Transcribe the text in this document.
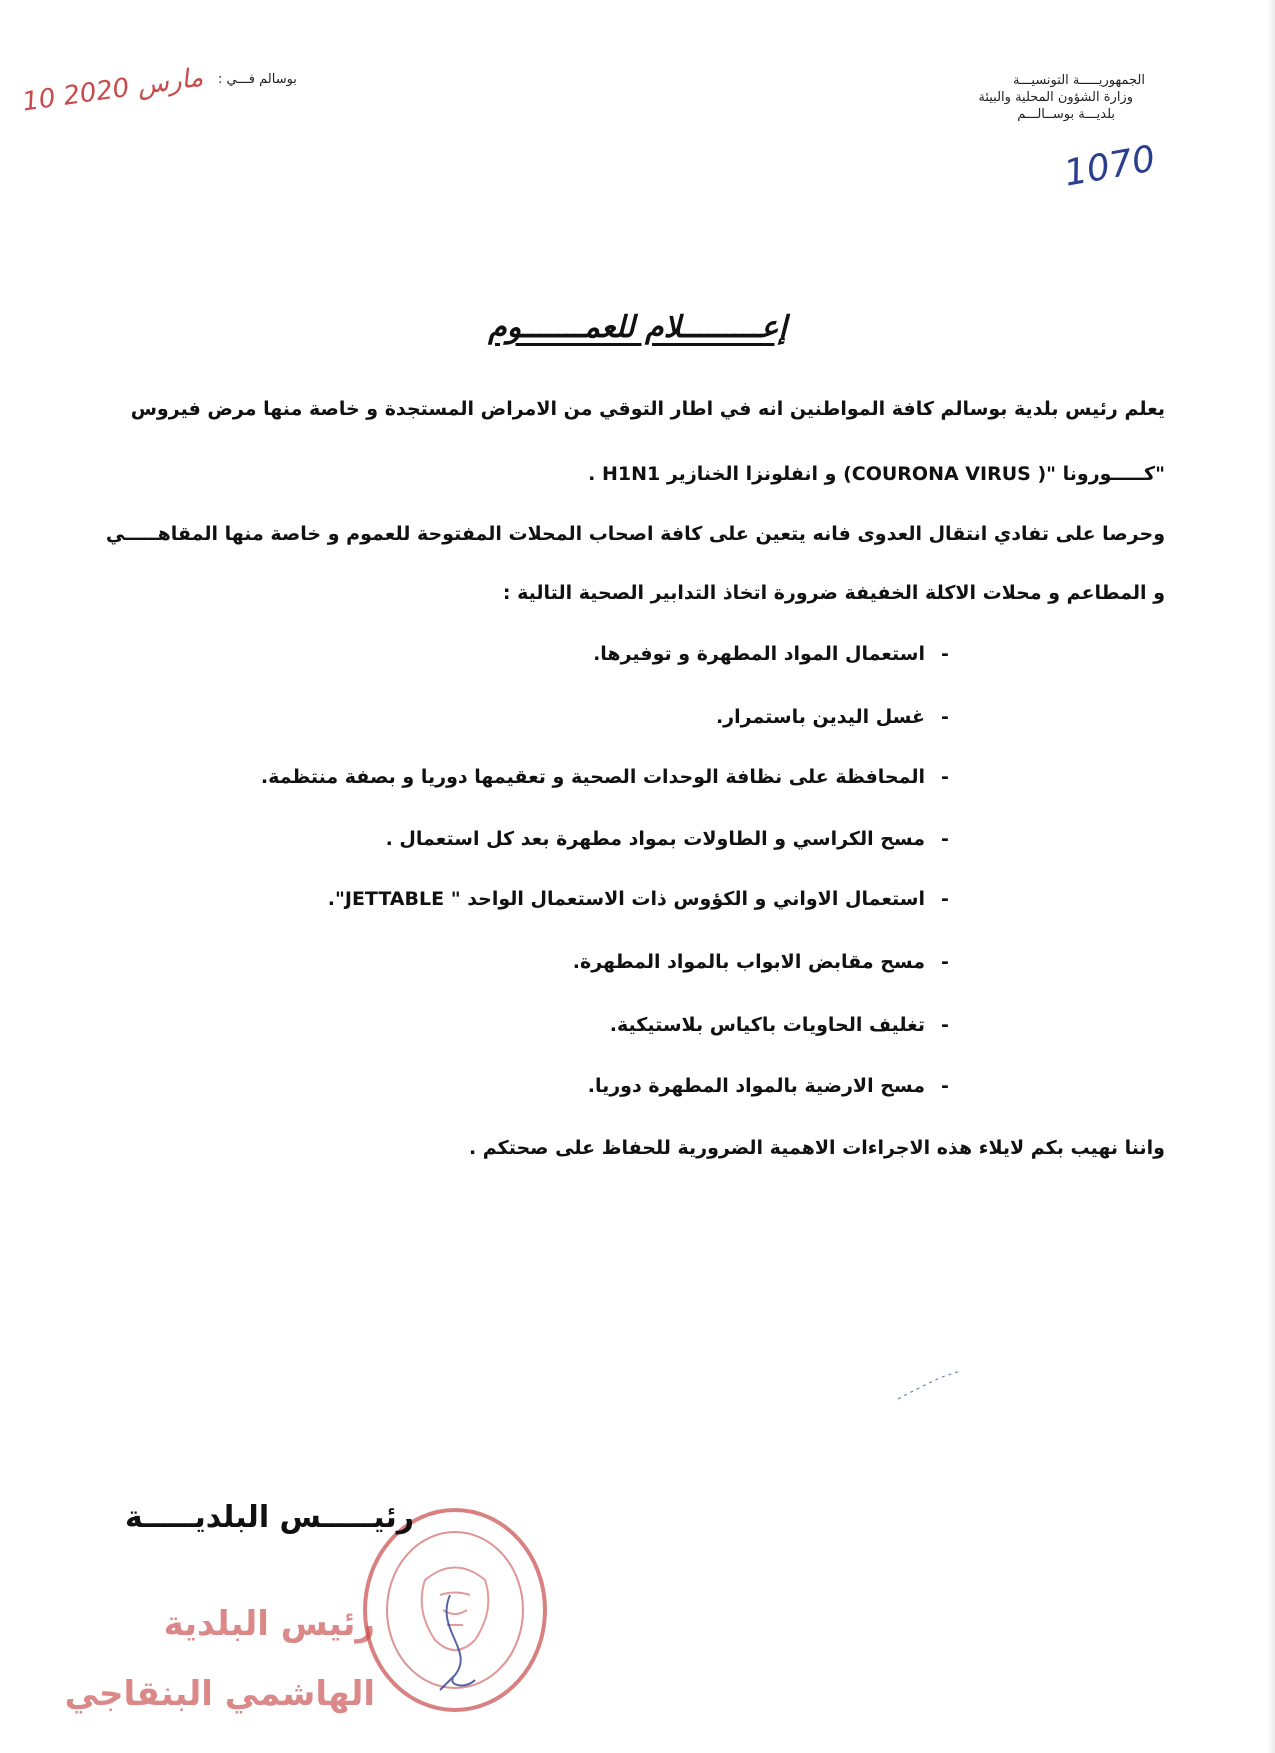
الجمهوريـــــة التونسيـــة
وزارة الشؤون المحلية والبيئة
بلديـــة بوســالـــم
بوسالم فـــي :
10 مارس 2020
1070
إعـــــــــلام للعمـــــــوم
يعلم رئيس بلدية بوسالم كافة المواطنين انه في اطار التوقي من الامراض المستجدة و خاصة منها مرض فيروس
"كـــــورونا "( COURONA VIRUS) و انفلونزا الخنازير H1N1 .
وحرصا على تفادي انتقال العدوى فانه يتعين على كافة اصحاب المحلات المفتوحة للعموم و خاصة منها المقاهـــــي
و المطاعم و محلات الاكلة الخفيفة ضرورة اتخاذ التدابير الصحية التالية :
-استعمال المواد المطهرة و توفيرها.
-غسل اليدين باستمرار.
-المحافظة على نظافة الوحدات الصحية و تعقيمها دوريا و بصفة منتظمة.
-مسح الكراسي و الطاولات بمواد مطهرة بعد كل استعمال .
-استعمال الاواني و الكؤوس ذات الاستعمال الواحد " JETTABLE".
-مسح مقابض الابواب بالمواد المطهرة.
-تغليف الحاويات باكياس بلاستيكية.
-مسح الارضية بالمواد المطهرة دوريا.
واننا نهيب بكم لايلاء هذه الاجراءات الاهمية الضرورية للحفاظ على صحتكم .
رئيـــــس البلديـــــة
رئيس البلدية
الهاشمي البنقاجي
